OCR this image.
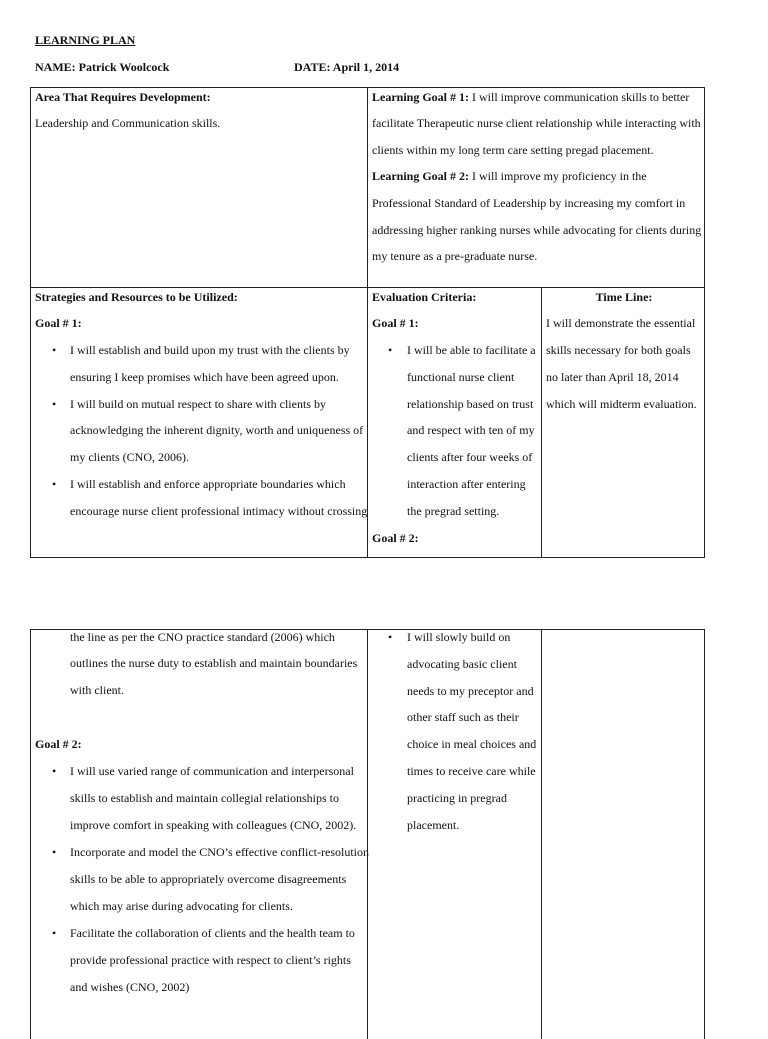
LEARNING PLAN
NAME: Patrick Woolcock	DATE: April 1, 2014
Area That Requires Development:
Leadership and Communication skills.
Learning Goal # 1: I will improve communication skills to better
facilitate Therapeutic nurse client relationship while interacting with
clients within my long term care setting pregad placement.
Learning Goal # 2: I will improve my proficiency in the
Professional Standard of Leadership by increasing my comfort in
addressing higher ranking nurses while advocating for clients during
my tenure as a pre-graduate nurse.
Strategies and Resources to be Utilized:
Goal # 1:
• I will establish and build upon my trust with the clients by
ensuring I keep promises which have been agreed upon.
• I will build on mutual respect to share with clients by
acknowledging the inherent dignity, worth and uniqueness of
my clients (CNO, 2006).
• I will establish and enforce appropriate boundaries which
encourage nurse client professional intimacy without crossing
Evaluation Criteria:
Goal # 1:
• I will be able to facilitate a
functional nurse client
relationship based on trust
and respect with ten of my
clients after four weeks of
interaction after entering
the pregrad setting.
Goal # 2:
Time Line:
I will demonstrate the essential
skills necessary for both goals
no later than April 18, 2014
which will midterm evaluation.
the line as per the CNO practice standard (2006) which
outlines the nurse duty to establish and maintain boundaries
with client.
Goal # 2:
• I will use varied range of communication and interpersonal
skills to establish and maintain collegial relationships to
improve comfort in speaking with colleagues (CNO, 2002).
• Incorporate and model the CNO’s effective conflict-resolution
skills to be able to appropriately overcome disagreements
which may arise during advocating for clients.
• Facilitate the collaboration of clients and the health team to
provide professional practice with respect to client’s rights
and wishes (CNO, 2002)
• I will slowly build on
advocating basic client
needs to my preceptor and
other staff such as their
choice in meal choices and
times to receive care while
practicing in pregrad
placement.
